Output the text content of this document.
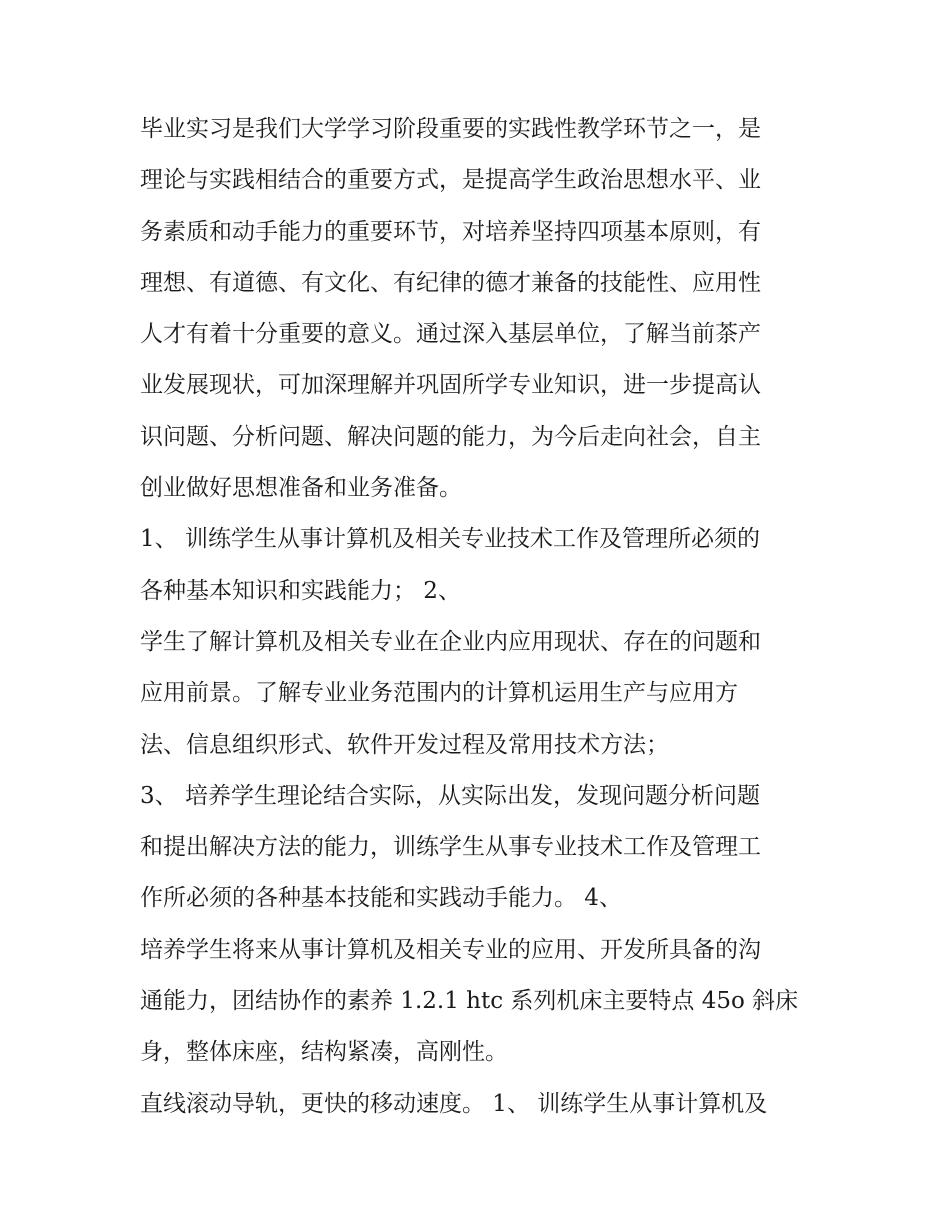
毕业实习是我们大学学习阶段重要的实践性教学环节之一，是
理论与实践相结合的重要方式，是提高学生政治思想水平、业
务素质和动手能力的重要环节，对培养坚持四项基本原则，有
理想、有道德、有文化、有纪律的德才兼备的技能性、应用性
人才有着十分重要的意义。通过深入基层单位，了解当前茶产
业发展现状，可加深理解并巩固所学专业知识，进一步提高认
识问题、分析问题、解决问题的能力，为今后走向社会，自主
创业做好思想准备和业务准备。
1、 训练学生从事计算机及相关专业技术工作及管理所必须的
各种基本知识和实践能力； 2、
学生了解计算机及相关专业在企业内应用现状、存在的问题和
应用前景。了解专业业务范围内的计算机运用生产与应用方
法、信息组织形式、软件开发过程及常用技术方法；
3、 培养学生理论结合实际，从实际出发，发现问题分析问题
和提出解决方法的能力，训练学生从事专业技术工作及管理工
作所必须的各种基本技能和实践动手能力。 4、
培养学生将来从事计算机及相关专业的应用、开发所具备的沟
通能力，团结协作的素养 1.2.1 htc 系列机床主要特点 45o 斜床
身，整体床座，结构紧凑，高刚性。
直线滚动导轨，更快的移动速度。 1、 训练学生从事计算机及
